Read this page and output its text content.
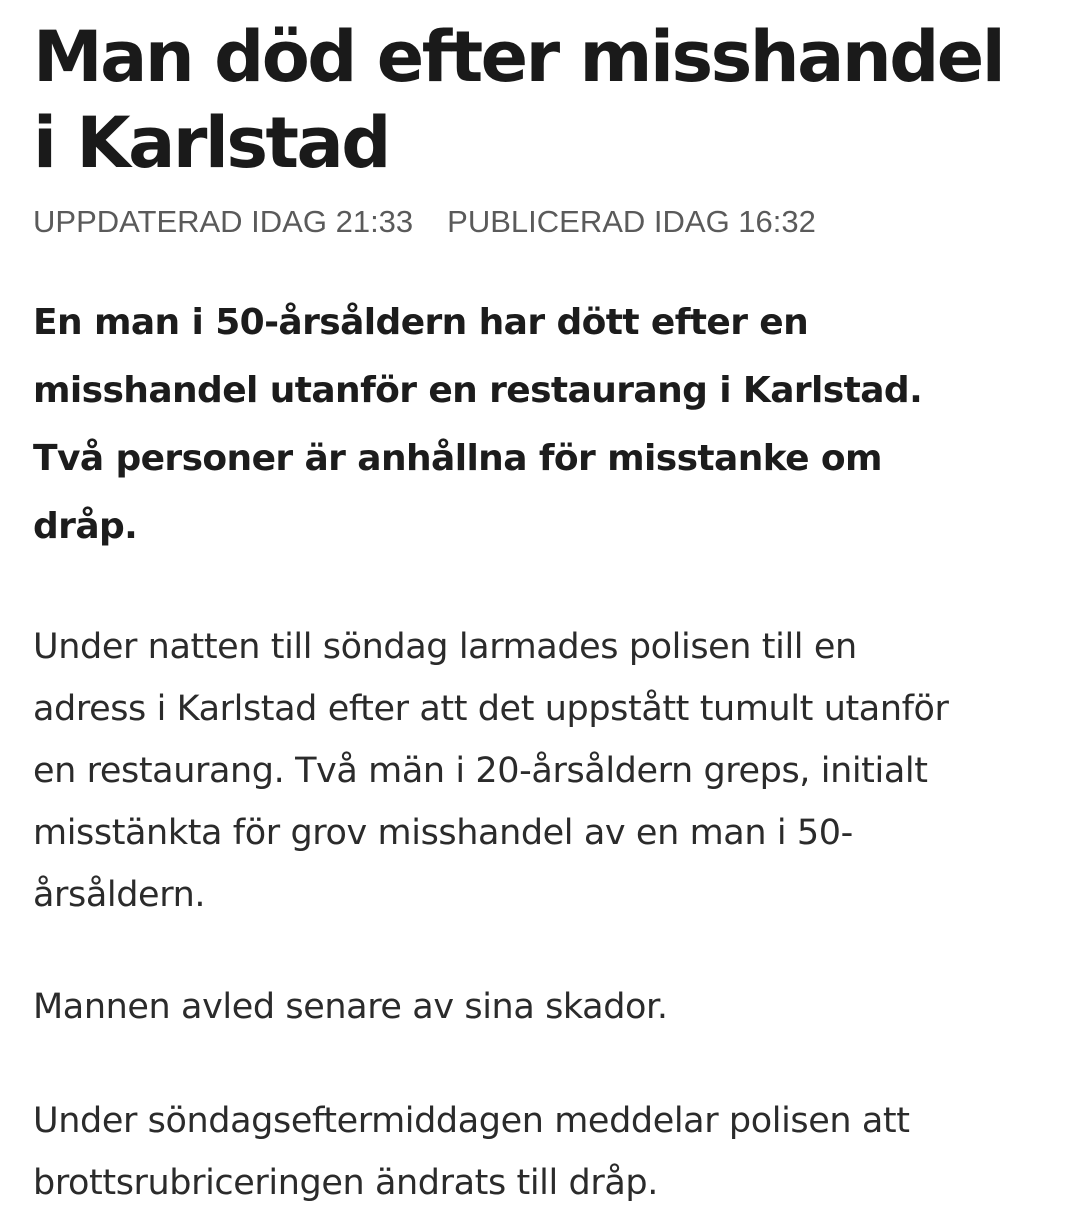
Man död efter misshandel
i Karlstad
UPPDATERAD IDAG 21:33 PUBLICERAD IDAG 16:32

En man i 50-årsåldern har dött efter en
misshandel utanför en restaurang i Karlstad.
Två personer är anhållna för misstanke om
dråp.

Under natten till söndag larmades polisen till en
adress i Karlstad efter att det uppstått tumult utanför
en restaurang. Två män i 20-årsåldern greps, initialt
misstänkta för grov misshandel av en man i 50-
årsåldern.

Mannen avled senare av sina skador.

Under söndagseftermiddagen meddelar polisen att
brottsrubriceringen ändrats till dråp.
